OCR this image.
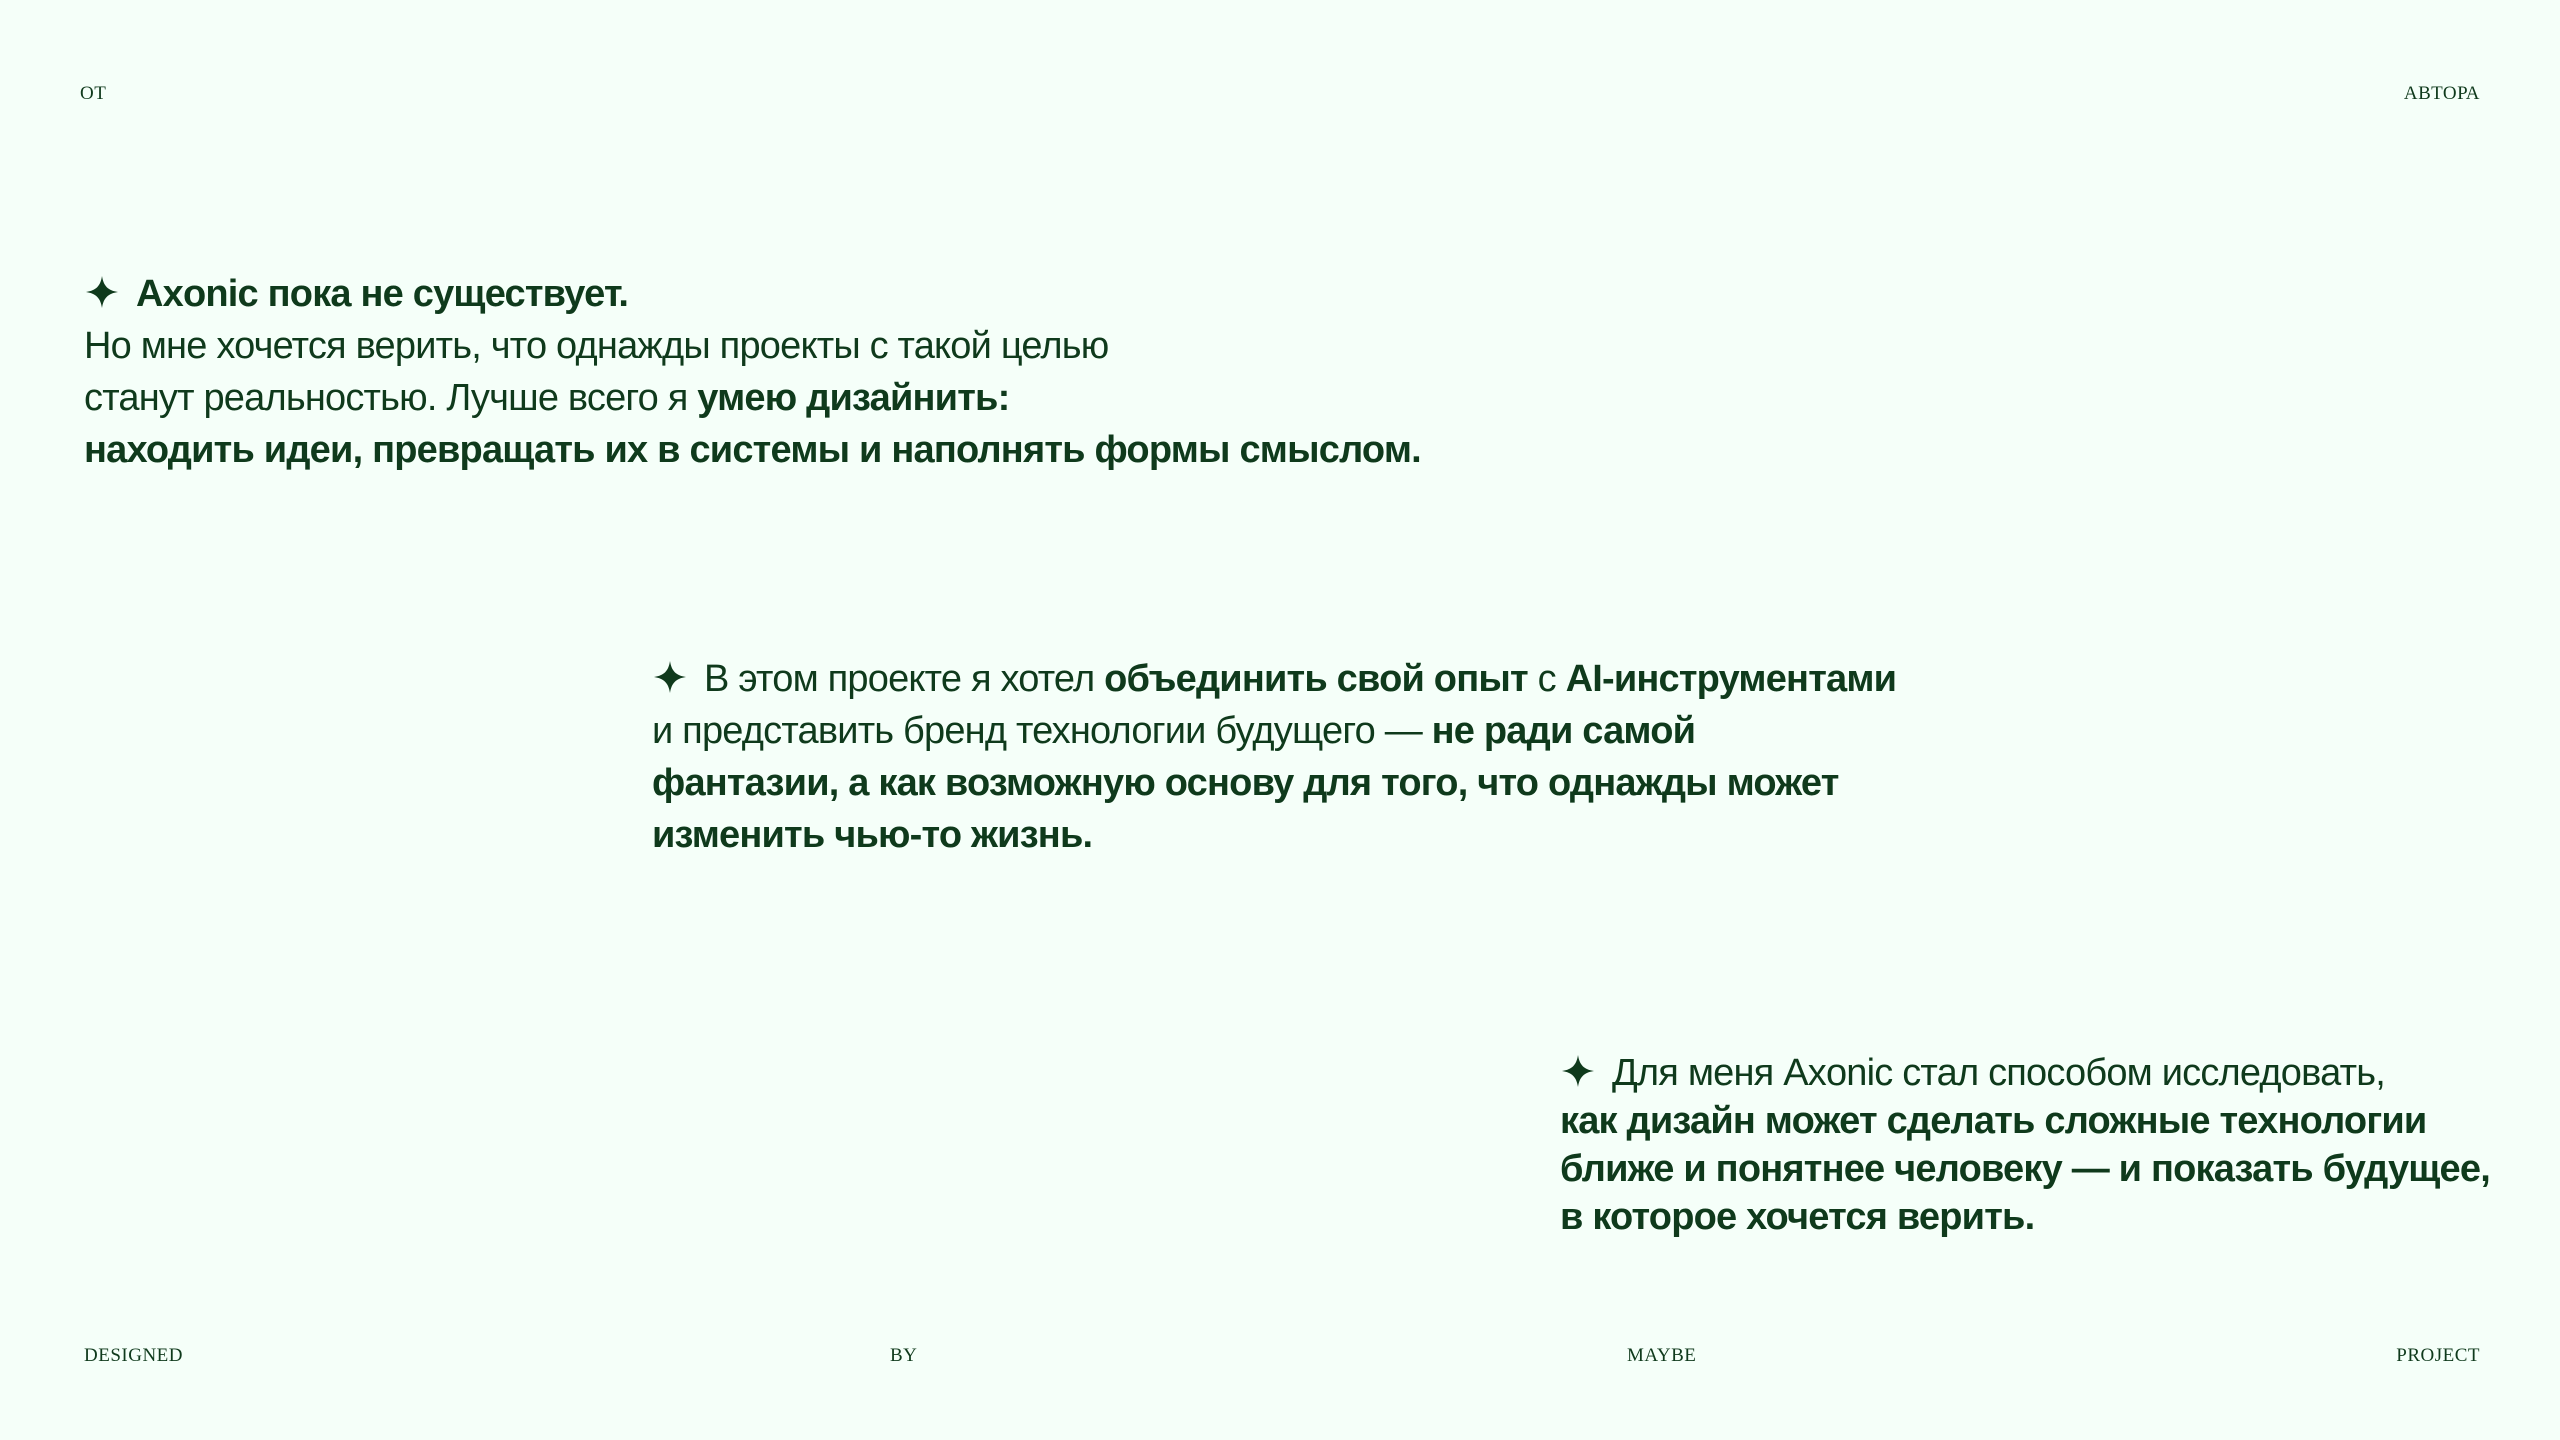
ОТ	АВТОРА
Axonic пока не существует.
Но мне хочется верить, что однажды проекты с такой целью
станут реальностью. Лучше всего я умею дизайнить:
находить идеи, превращать их в системы и наполнять формы смыслом.
В этом проекте я хотел объединить свой опыт с AI-инструментами
и представить бренд технологии будущего — не ради самой
фантазии, а как возможную основу для того, что однажды может
изменить чью-то жизнь.
Для меня Axonic стал способом исследовать,
как дизайн может сделать сложные технологии
ближе и понятнее человеку — и показать будущее,
в которое хочется верить.
DESIGNED	BY	MAYBE	PROJECT
